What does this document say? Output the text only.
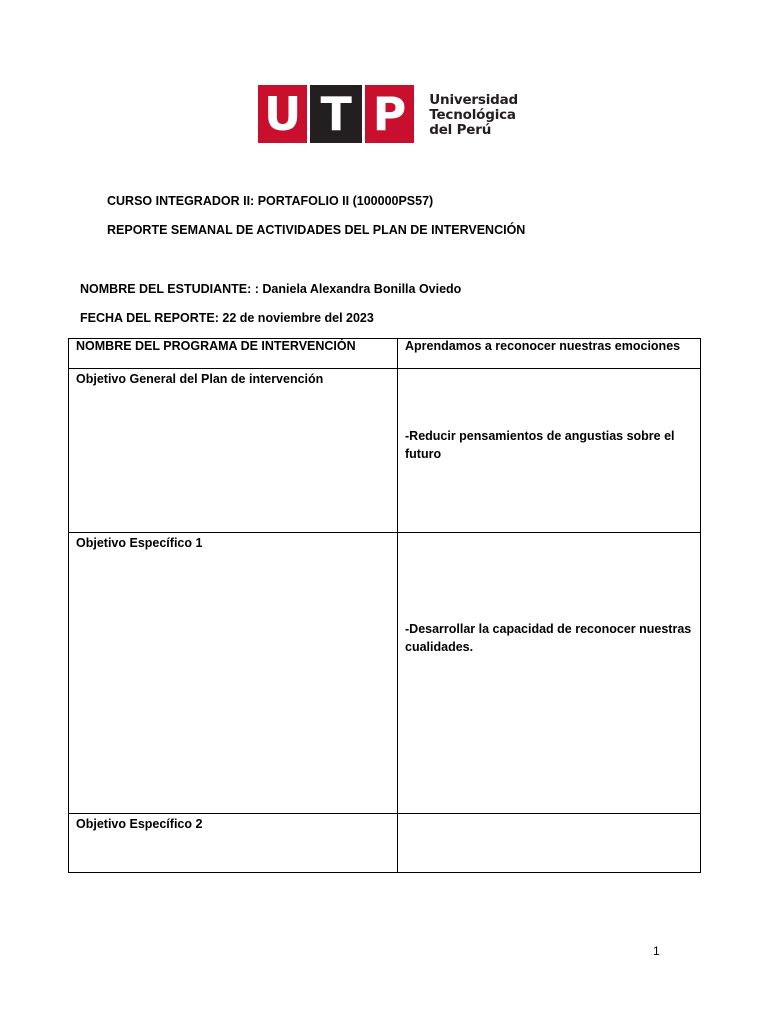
U T P	Universidad
Tecnológica
del Perú
CURSO INTEGRADOR II: PORTAFOLIO II (100000PS57)
REPORTE SEMANAL DE ACTIVIDADES DEL PLAN DE INTERVENCIÓN
NOMBRE DEL ESTUDIANTE: : Daniela Alexandra Bonilla Oviedo
FECHA DEL REPORTE: 22 de noviembre del 2023
NOMBRE DEL PROGRAMA DE INTERVENCIÓN	Aprendamos a reconocer nuestras emociones

Objetivo General del Plan de intervención	-Reducir pensamientos de angustias sobre el futuro

Objetivo Específico 1	-Desarrollar la capacidad de reconocer nuestras cualidades.

Objetivo Específico 2	

1
